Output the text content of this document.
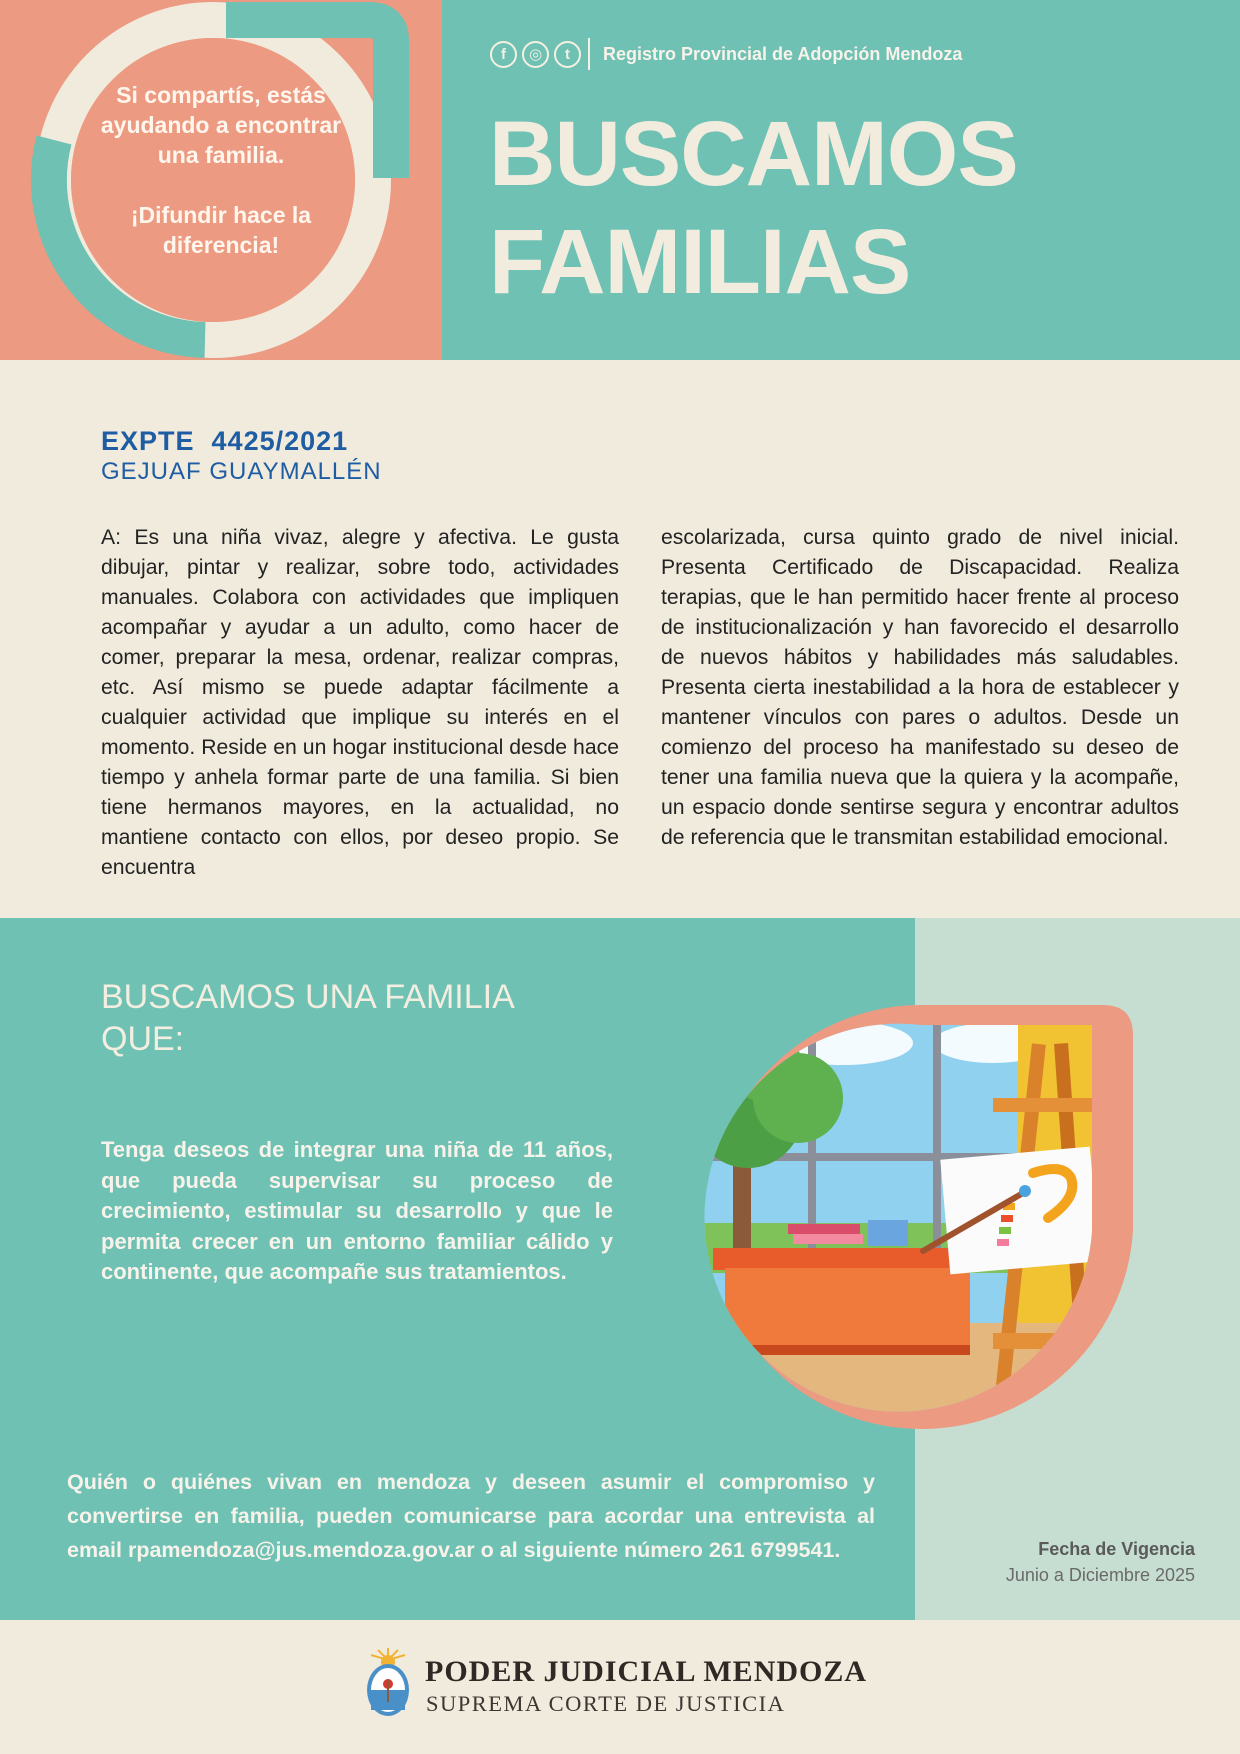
Si compartís, estás ayudando a encontrar una familia.

¡Difundir hace la diferencia!

f	◎	t	Registro Provincial de Adopción Mendoza
BUSCAMOS
FAMILIAS
EXPTE  4425/2021
GEJUAF GUAYMALLÉN

A: Es una niña vivaz, alegre y afectiva. Le gusta dibujar, pintar y realizar, sobre todo, actividades manuales. Colabora con actividades que impliquen acompañar y ayudar a un adulto, como hacer de comer, preparar la mesa, ordenar, realizar compras, etc. Así mismo se puede adaptar fácilmente a cualquier actividad que implique su interés en el momento. Reside en un hogar institucional desde hace tiempo y anhela formar parte de una familia. Si bien tiene hermanos mayores, en la actualidad, no mantiene contacto con ellos, por deseo propio. Se encuentra

escolarizada, cursa quinto grado de nivel inicial. Presenta Certificado de Discapacidad. Realiza terapias, que le han permitido hacer frente al proceso de institucionalización y han favorecido el desarrollo de nuevos hábitos y habilidades más saludables. Presenta cierta inestabilidad a la hora de establecer y mantener vínculos con pares o adultos. Desde un comienzo del proceso ha manifestado su deseo de tener una familia nueva que la quiera y la acompañe, un espacio donde sentirse segura y encontrar adultos de referencia que le transmitan estabilidad emocional.

BUSCAMOS UNA FAMILIA QUE:

Tenga deseos de integrar una niña de 11 años, que pueda supervisar su proceso de crecimiento, estimular su desarrollo y que le permita crecer en un entorno familiar cálido y continente, que acompañe sus tratamientos.

Quién o quiénes vivan en mendoza y deseen asumir el compromiso y convertirse en familia, pueden comunicarse para acordar una entrevista al email rpamendoza@jus.mendoza.gov.ar o al siguiente número 261 6799541.	Fecha de Vigencia
Junio a Diciembre 2025
PODER JUDICIAL MENDOZA
SUPREMA CORTE DE JUSTICIA
